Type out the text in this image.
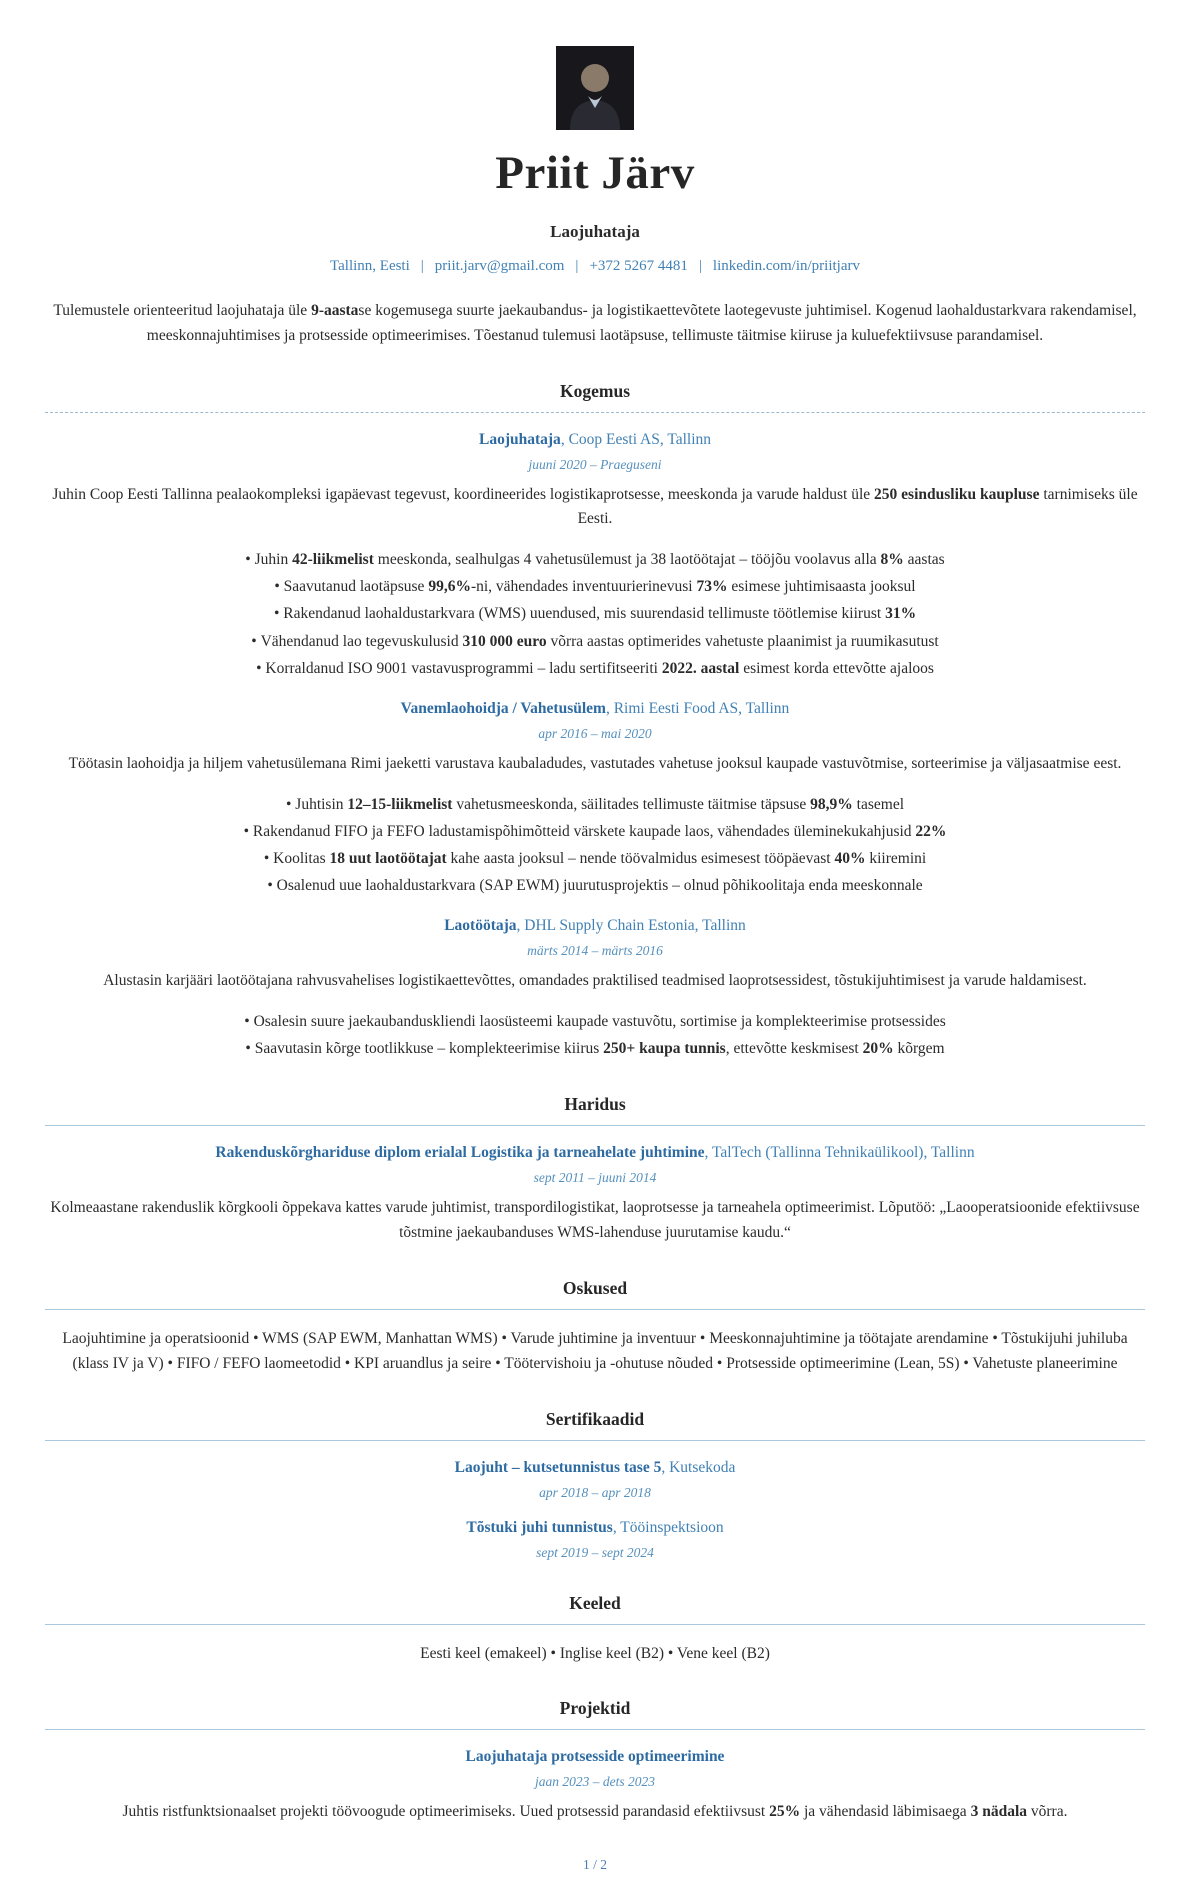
Priit Järv
Laojuhataja
Tallinn, Eesti | priit.jarv@gmail.com | +372 5267 4481 | linkedin.com/in/priitjarv

Tulemustele orienteeritud laojuhataja üle 9-aastase kogemusega suurte jaekaubandus- ja logistikaettevõtete laotegevuste juhtimisel. Kogenud laohaldustarkvara rakendamisel, meeskonnajuhtimises ja protsesside optimeerimises. Tõestanud tulemusi laotäpsuse, tellimuste täitmise kiiruse ja kuluefektiivsuse parandamisel.

Kogemus
Laojuhataja, Coop Eesti AS, Tallinn
juuni 2020 – Praeguseni
Juhin Coop Eesti Tallinna pealaokompleksi igapäevast tegevust, koordineerides logistikaprotsesse, meeskonda ja varude haldust üle 250 esindusliku kaupluse tarnimiseks üle Eesti.
• Juhin 42-liikmelist meeskonda, sealhulgas 4 vahetusülemust ja 38 laotöötajat – tööjõu voolavus alla 8% aastas
• Saavutanud laotäpsuse 99,6%-ni, vähendades inventuurierinevusi 73% esimese juhtimisaasta jooksul
• Rakendanud laohaldustarkvara (WMS) uuendused, mis suurendasid tellimuste töötlemise kiirust 31%
• Vähendanud lao tegevuskulusid 310 000 euro võrra aastas optimerides vahetuste plaanimist ja ruumikasutust
• Korraldanud ISO 9001 vastavusprogrammi – ladu sertifitseeriti 2022. aastal esimest korda ettevõtte ajaloos
Vanemlaohoidja / Vahetusülem, Rimi Eesti Food AS, Tallinn
apr 2016 – mai 2020
Töötasin laohoidja ja hiljem vahetusülemana Rimi jaeketti varustava kaubaladudes, vastutades vahetuse jooksul kaupade vastuvõtmise, sorteerimise ja väljasaatmise eest.
• Juhtisin 12–15-liikmelist vahetusmeeskonda, säilitades tellimuste täitmise täpsuse 98,9% tasemel
• Rakendanud FIFO ja FEFO ladustamispõhimõtteid värskete kaupade laos, vähendades üleminekukahjusid 22%
• Koolitas 18 uut laotöötajat kahe aasta jooksul – nende töövalmidus esimesest tööpäevast 40% kiiremini
• Osalenud uue laohaldustarkvara (SAP EWM) juurutusprojektis – olnud põhikoolitaja enda meeskonnale
Laotöötaja, DHL Supply Chain Estonia, Tallinn
märts 2014 – märts 2016
Alustasin karjääri laotöötajana rahvusvahelises logistikaettevõttes, omandades praktilised teadmised laoprotsessidest, tõstukijuhtimisest ja varude haldamisest.
• Osalesin suure jaekaubanduskliendi laosüsteemi kaupade vastuvõtu, sortimise ja komplekteerimise protsessides
• Saavutasin kõrge tootlikkuse – komplekteerimise kiirus 250+ kaupa tunnis, ettevõtte keskmisest 20% kõrgem
Haridus
Rakenduskõrghariduse diplom erialal Logistika ja tarneahelate juhtimine, TalTech (Tallinna Tehnikaülikool), Tallinn
sept 2011 – juuni 2014
Kolmeaastane rakenduslik kõrgkooli õppekava kattes varude juhtimist, transpordilogistikat, laoprotsesse ja tarneahela optimeerimist. Lõputöö: „Laooperatsioonide efektiivsuse tõstmine jaekaubanduses WMS-lahenduse juurutamise kaudu.“
Oskused

Laojuhtimine ja operatsioonid • WMS (SAP EWM, Manhattan WMS) • Varude juhtimine ja inventuur • Meeskonnajuhtimine ja töötajate arendamine • Tõstukijuhi juhiluba (klass IV ja V) • FIFO / FEFO laomeetodid • KPI aruandlus ja seire • Töötervishoiu ja -ohutuse nõuded • Protsesside optimeerimine (Lean, 5S) • Vahetuste planeerimine

Sertifikaadid
Laojuht – kutsetunnistus tase 5, Kutsekoda
apr 2018 – apr 2018
Tõstuki juhi tunnistus, Tööinspektsioon
sept 2019 – sept 2024
Keeled

Eesti keel (emakeel) • Inglise keel (B2) • Vene keel (B2)

Projektid
Laojuhataja protsesside optimeerimine
jaan 2023 – dets 2023
Juhtis ristfunktsionaalset projekti töövoogude optimeerimiseks. Uued protsessid parandasid efektiivsust 25% ja vähendasid läbimisaega 3 nädala võrra.
1 / 2
